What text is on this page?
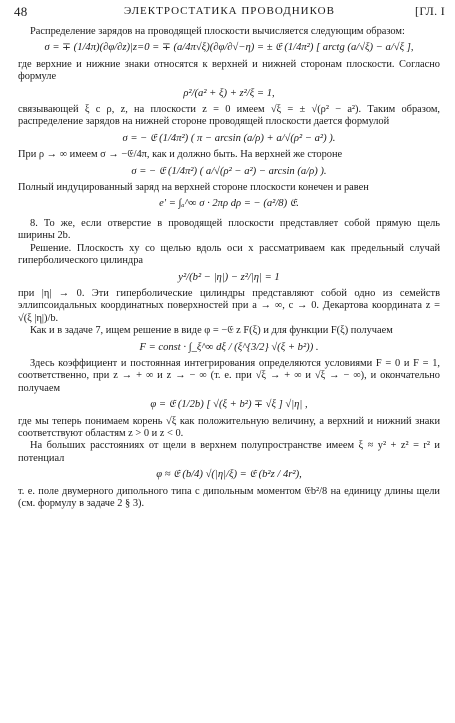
48	ЭЛЕКТРОСТАТИКА ПРОВОДНИКОВ	[ГЛ. I

Распределение зарядов на проводящей плоскости вычисляется следующим образом:

σ = ∓ (1/4π)(∂φ/∂z)|z=0 = ∓ (a/4π√ξ)(∂φ/∂√−η) = ± 𝔈 (1/4π²) [ arctg (a/√ξ) − a/√ξ ],

где верхние и нижние знаки относятся к верхней и нижней сторонам плоскости. Согласно формуле

ρ²/(a² + ξ) + z²/ξ = 1,

связывающей ξ с ρ, z, на плоскости z = 0 имеем √ξ = ± √(ρ² − a²). Таким образом, распределение зарядов на нижней стороне проводящей плоскости дается формулой

σ = − 𝔈 (1/4π²) ( π − arcsin (a/ρ) + a/√(ρ² − a²) ).

При ρ → ∞ имеем σ → −𝔈/4π, как и должно быть. На верхней же стороне

σ = − 𝔈 (1/4π²) ( a/√(ρ² − a²) − arcsin (a/ρ) ).

Полный индуцированный заряд на верхней стороне плоскости конечен и равен

e′ = ∫ₐ^∞ σ · 2πρ dρ = − (a²/8) 𝔈.

8. То же, если отверстие в проводящей плоскости представляет собой прямую щель ширины 2b.

Решение. Плоскость xy со щелью вдоль оси x рассматриваем как предельный случай гиперболического цилиндра

y²/(b² − |η|) − z²/|η| = 1

при |η| → 0. Эти гиперболические цилиндры представляют собой одно из семейств эллипсоидальных координатных поверхностей при a → ∞, c → 0. Декартова координата z = √(ξ |η|)/b.

Как и в задаче 7, ищем решение в виде φ = −𝔈 z F(ξ) и для функции F(ξ) получаем

F = const · ∫_ξ^∞ dξ / (ξ^{3/2} √(ξ + b²)) .

Здесь коэффициент и постоянная интегрирования определяются условиями F = 0 и F = 1, соответственно, при z → + ∞ и z → − ∞ (т. е. при √ξ → + ∞ и √ξ → − ∞), и окончательно получаем

φ = 𝔈 (1/2b) [ √(ξ + b²) ∓ √ξ ] √|η| ,

где мы теперь понимаем корень √ξ как положительную величину, а верхний и нижний знаки соответствуют областям z > 0 и z < 0.

На больших расстояниях от щели в верхнем полупространстве имеем ξ ≈ y² + z² = r² и потенциал

φ ≈ 𝔈 (b/4) √(|η|/ξ) = 𝔈 (b²z / 4r²),

т. е. поле двумерного дипольного типа с дипольным моментом 𝔈b²/8 на единицу длины щели (см. формулу в задаче 2 § 3).
